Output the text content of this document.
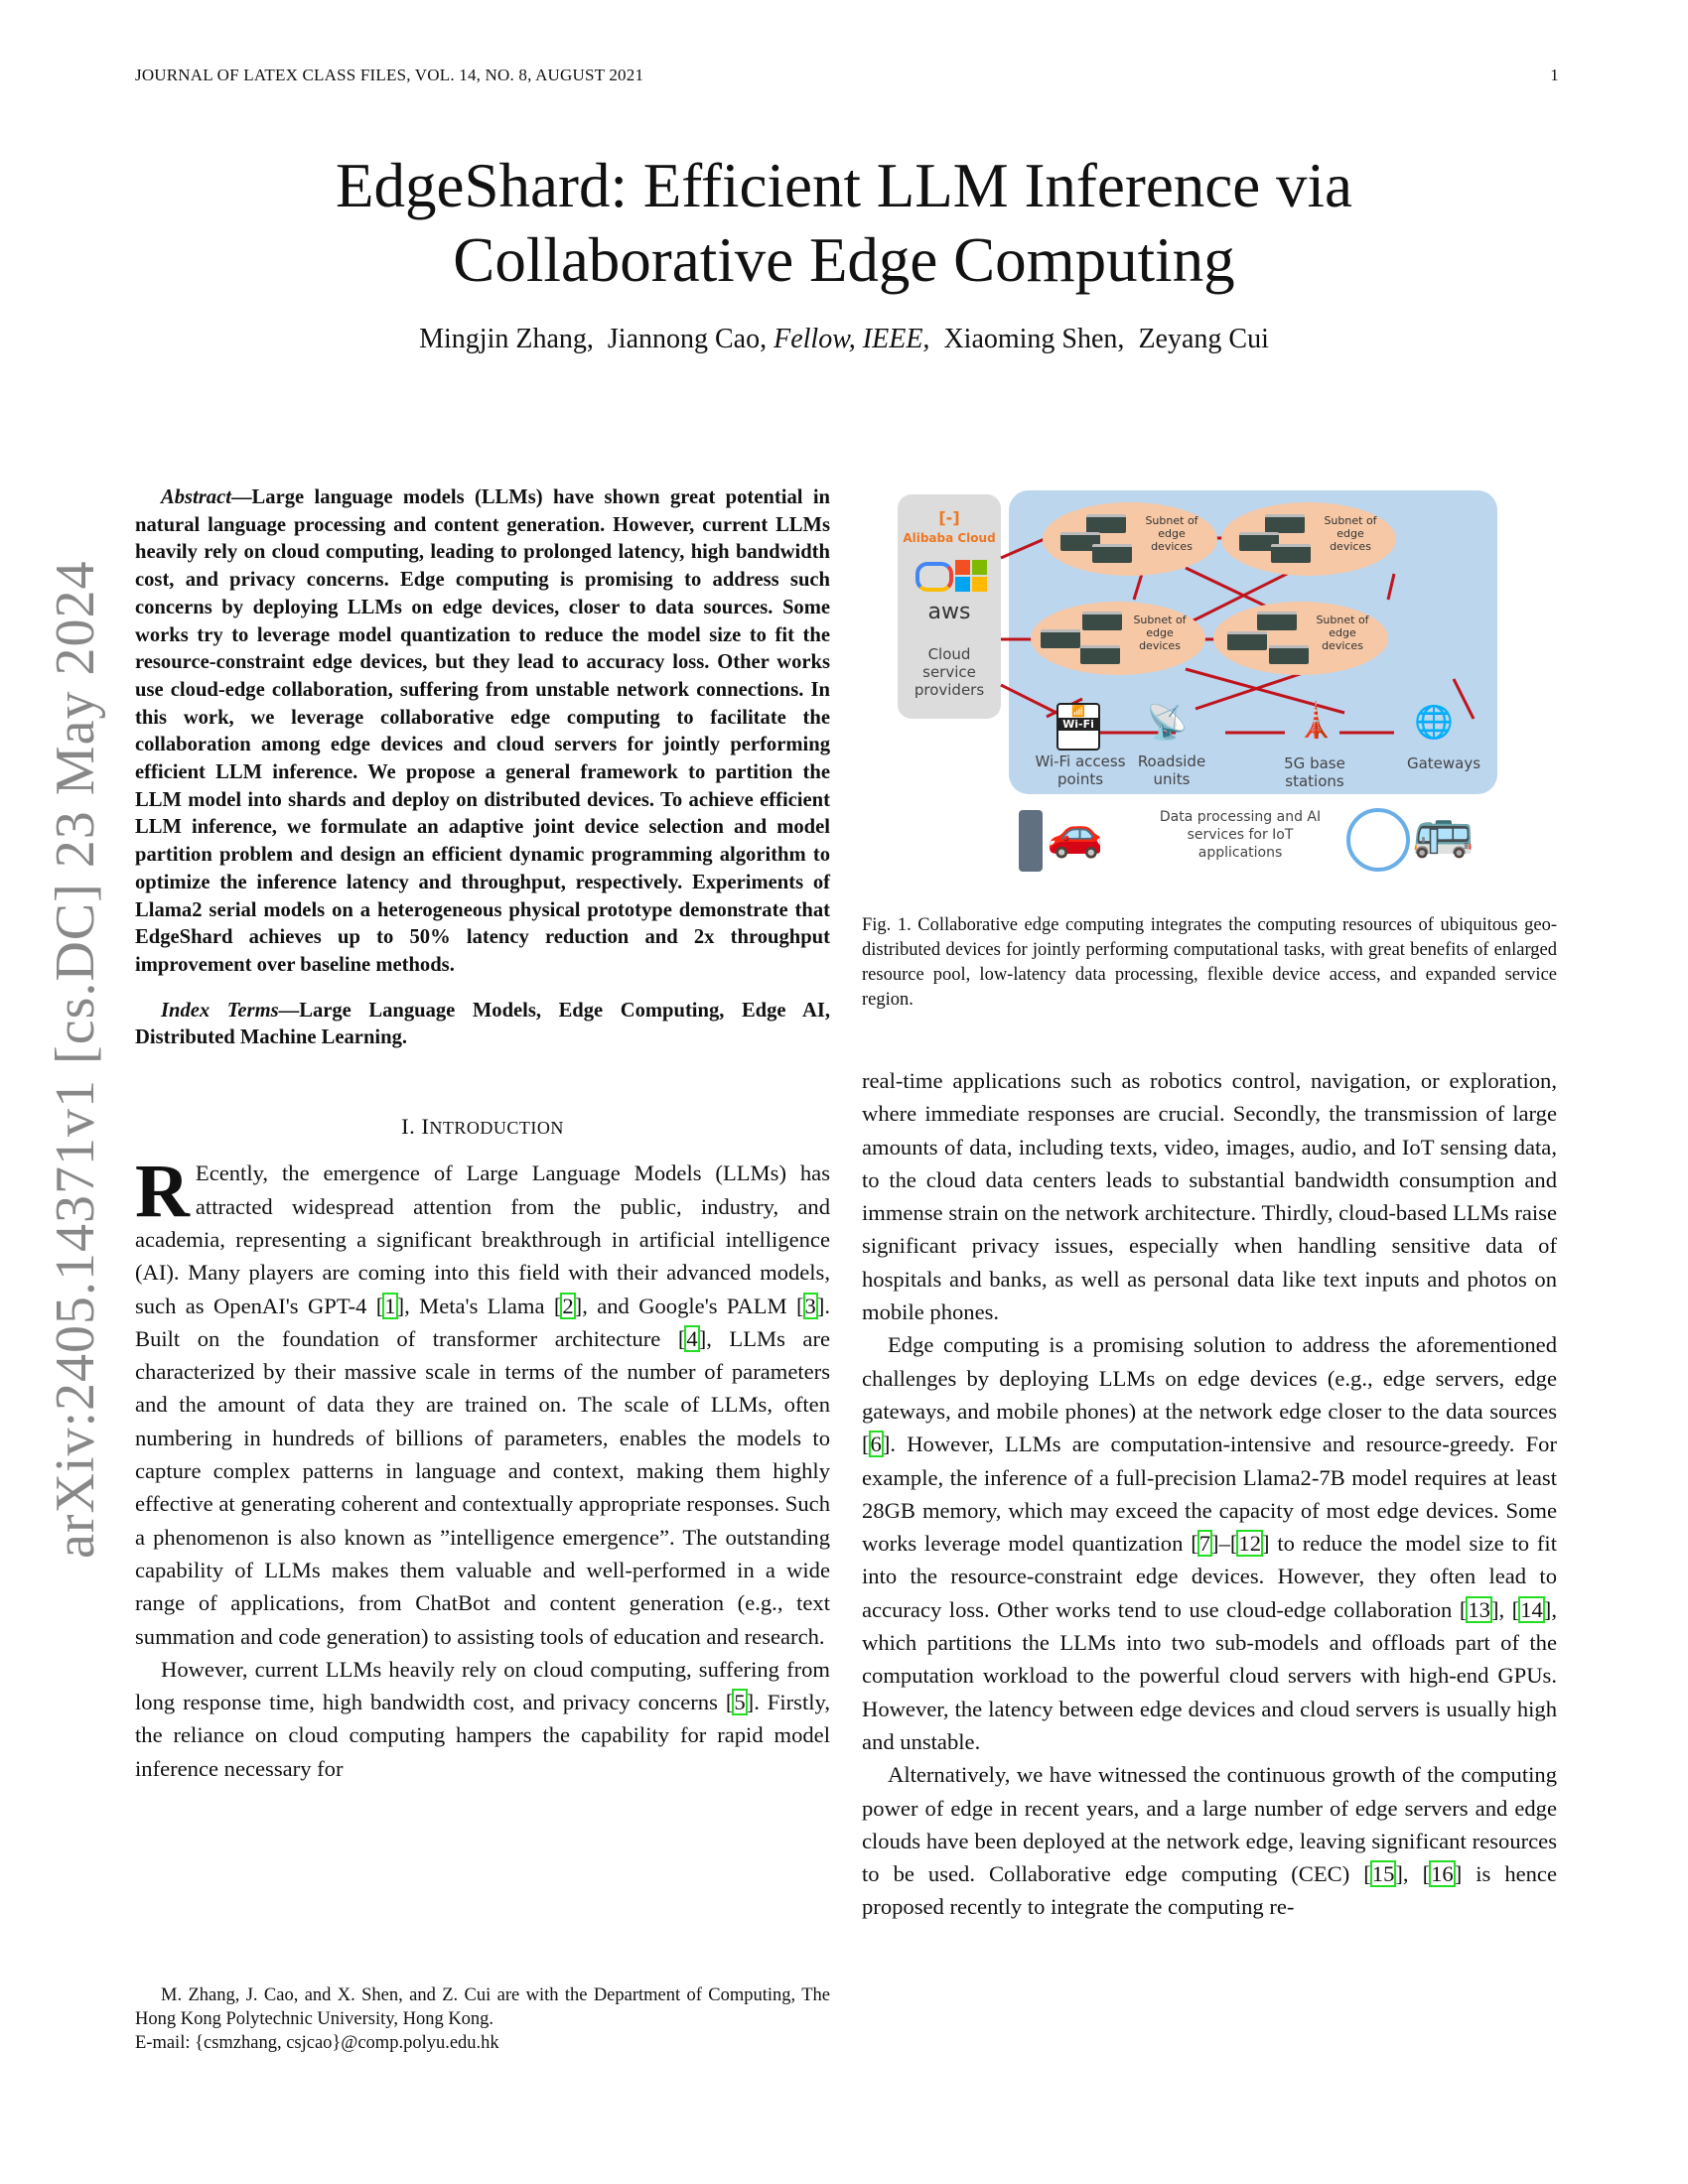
JOURNAL OF LATEX CLASS FILES, VOL. 14, NO. 8, AUGUST 2021	1
arXiv:2405.14371v1 [cs.DC] 23 May 2024
EdgeShard: Efficient LLM Inference via
Collaborative Edge Computing
Mingjin Zhang, Jiannong Cao, Fellow, IEEE, Xiaoming Shen, Zeyang Cui
Abstract—Large language models (LLMs) have shown great potential in natural language processing and content generation. However, current LLMs heavily rely on cloud computing, leading to prolonged latency, high bandwidth cost, and privacy concerns. Edge computing is promising to address such concerns by deploying LLMs on edge devices, closer to data sources. Some works try to leverage model quantization to reduce the model size to fit the resource-constraint edge devices, but they lead to accuracy loss. Other works use cloud-edge collaboration, suffering from unstable network connections. In this work, we leverage collaborative edge computing to facilitate the collaboration among edge devices and cloud servers for jointly performing efficient LLM inference. We propose a general framework to partition the LLM model into shards and deploy on distributed devices. To achieve efficient LLM inference, we formulate an adaptive joint device selection and model partition problem and design an efficient dynamic programming algorithm to optimize the inference latency and throughput, respectively. Experiments of Llama2 serial models on a heterogeneous physical prototype demonstrate that EdgeShard achieves up to 50% latency reduction and 2x throughput improvement over baseline methods.
Index Terms—Large Language Models, Edge Computing, Edge AI, Distributed Machine Learning.
I. INTRODUCTION

R Ecently, the emergence of Large Language Models (LLMs) has attracted widespread attention from the public, industry, and academia, representing a significant breakthrough in artificial intelligence (AI). Many players are coming into this field with their advanced models, such as OpenAI's GPT-4 [1], Meta's Llama [2], and Google's PALM [3]. Built on the foundation of transformer architecture [4], LLMs are characterized by their massive scale in terms of the number of parameters and the amount of data they are trained on. The scale of LLMs, often numbering in hundreds of billions of parameters, enables the models to capture complex patterns in language and context, making them highly effective at generating coherent and contextually appropriate responses. Such a phenomenon is also known as ”intelligence emergence”. The outstanding capability of LLMs makes them valuable and well-performed in a wide range of applications, from ChatBot and content generation (e.g., text summation and code generation) to assisting tools of education and research.

However, current LLMs heavily rely on cloud computing, suffering from long response time, high bandwidth cost, and privacy concerns [5]. Firstly, the reliance on cloud computing hampers the capability for rapid model inference necessary for

M. Zhang, J. Cao, and X. Shen, and Z. Cui are with the Department of Computing, The Hong Kong Polytechnic University, Hong Kong.

E-mail: {csmzhang, csjcao}@comp.polyu.edu.hk
[-]
Alibaba Cloud
aws
Cloud service providers
Subnet of edge devices
Subnet of edge devices
Subnet of edge devices
Subnet of edge devices
📶
Wi-Fi 📡	🗼 🌐
Wi-Fi access points
Roadside units
5G base stations
Gateways
🚗	Data processing and AI services for IoT applications	🚌
Fig. 1. Collaborative edge computing integrates the computing resources of ubiquitous geo-distributed devices for jointly performing computational tasks, with great benefits of enlarged resource pool, low-latency data processing, flexible device access, and expanded service region.

real-time applications such as robotics control, navigation, or exploration, where immediate responses are crucial. Secondly, the transmission of large amounts of data, including texts, video, images, audio, and IoT sensing data, to the cloud data centers leads to substantial bandwidth consumption and immense strain on the network architecture. Thirdly, cloud-based LLMs raise significant privacy issues, especially when handling sensitive data of hospitals and banks, as well as personal data like text inputs and photos on mobile phones.

Edge computing is a promising solution to address the aforementioned challenges by deploying LLMs on edge devices (e.g., edge servers, edge gateways, and mobile phones) at the network edge closer to the data sources [6]. However, LLMs are computation-intensive and resource-greedy. For example, the inference of a full-precision Llama2-7B model requires at least 28GB memory, which may exceed the capacity of most edge devices. Some works leverage model quantization [7]–[12] to reduce the model size to fit into the resource-constraint edge devices. However, they often lead to accuracy loss. Other works tend to use cloud-edge collaboration [13], [14], which partitions the LLMs into two sub-models and offloads part of the computation workload to the powerful cloud servers with high-end GPUs. However, the latency between edge devices and cloud servers is usually high and unstable.

Alternatively, we have witnessed the continuous growth of the computing power of edge in recent years, and a large number of edge servers and edge clouds have been deployed at the network edge, leaving significant resources to be used. Collaborative edge computing (CEC) [15], [16] is hence proposed recently to integrate the computing re-
